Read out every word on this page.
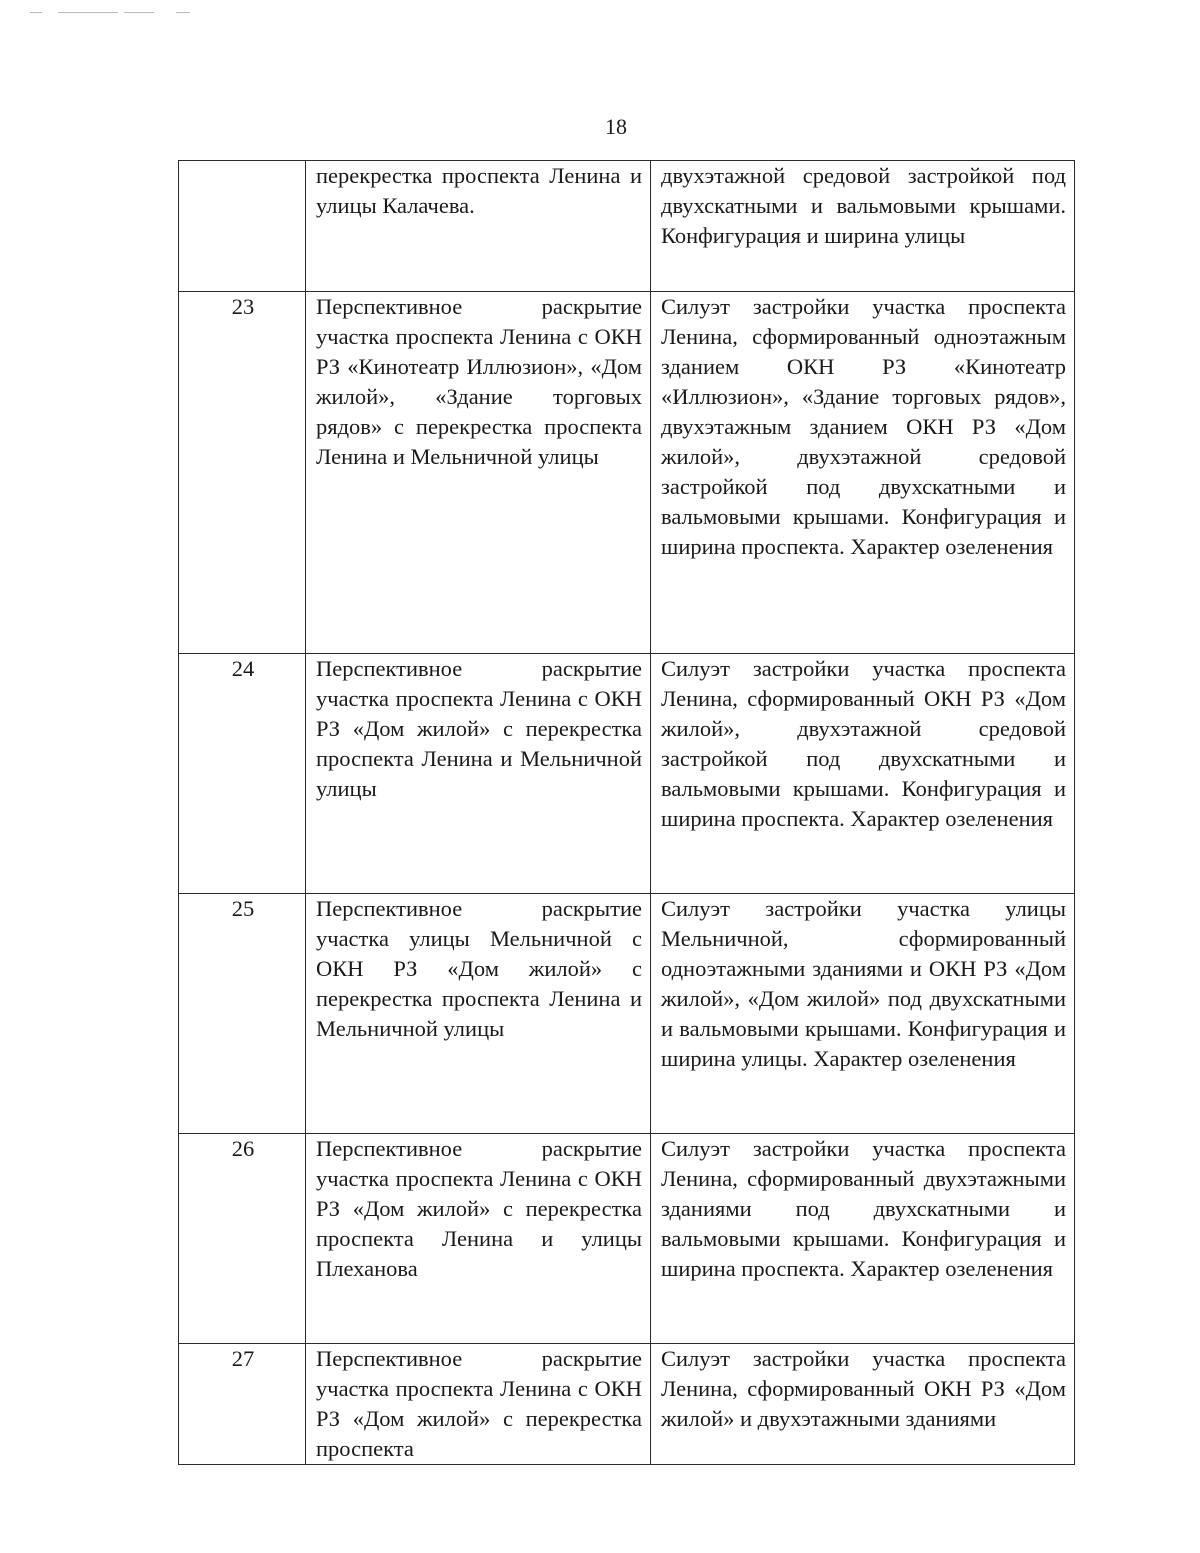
18
	перекрестка проспекта Ленина и улицы Калачева.	двухэтажной средовой застройкой под двухскатными и вальмовыми крышами. Конфигурация и ширина улицы
23	Перспективное раскрытие участка проспекта Ленина с ОКН РЗ «Кинотеатр Иллюзион», «Дом жилой», «Здание торговых рядов» с перекрестка проспекта Ленина и Мельничной улицы	Силуэт застройки участка проспекта Ленина, сформированный одноэтажным зданием ОКН РЗ «Кинотеатр «Иллюзион», «Здание торговых рядов», двухэтажным зданием ОКН РЗ «Дом жилой», двухэтажной средовой застройкой под двухскатными и вальмовыми крышами. Конфигурация и ширина проспекта. Характер озеленения
24	Перспективное раскрытие участка проспекта Ленина с ОКН РЗ «Дом жилой» с перекрестка проспекта Ленина и Мельничной улицы	Силуэт застройки участка проспекта Ленина, сформированный ОКН РЗ «Дом жилой», двухэтажной средовой застройкой под двухскатными и вальмовыми крышами. Конфигурация и ширина проспекта. Характер озеленения
25	Перспективное раскрытие участка улицы Мельничной с ОКН РЗ «Дом жилой» с перекрестка проспекта Ленина и Мельничной улицы	Силуэт застройки участка улицы Мельничной, сформированный одноэтажными зданиями и ОКН РЗ «Дом жилой», «Дом жилой» под двухскатными и вальмовыми крышами. Конфигурация и ширина улицы. Характер озеленения
26	Перспективное раскрытие участка проспекта Ленина с ОКН РЗ «Дом жилой» с перекрестка проспекта Ленина и улицы Плеханова	Силуэт застройки участка проспекта Ленина, сформированный двухэтажными зданиями под двухскатными и вальмовыми крышами. Конфигурация и ширина проспекта. Характер озеленения
27	Перспективное раскрытие участка проспекта Ленина с ОКН РЗ «Дом жилой» с перекрестка проспекта	Силуэт застройки участка проспекта Ленина, сформированный ОКН РЗ «Дом жилой» и двухэтажными зданиями
